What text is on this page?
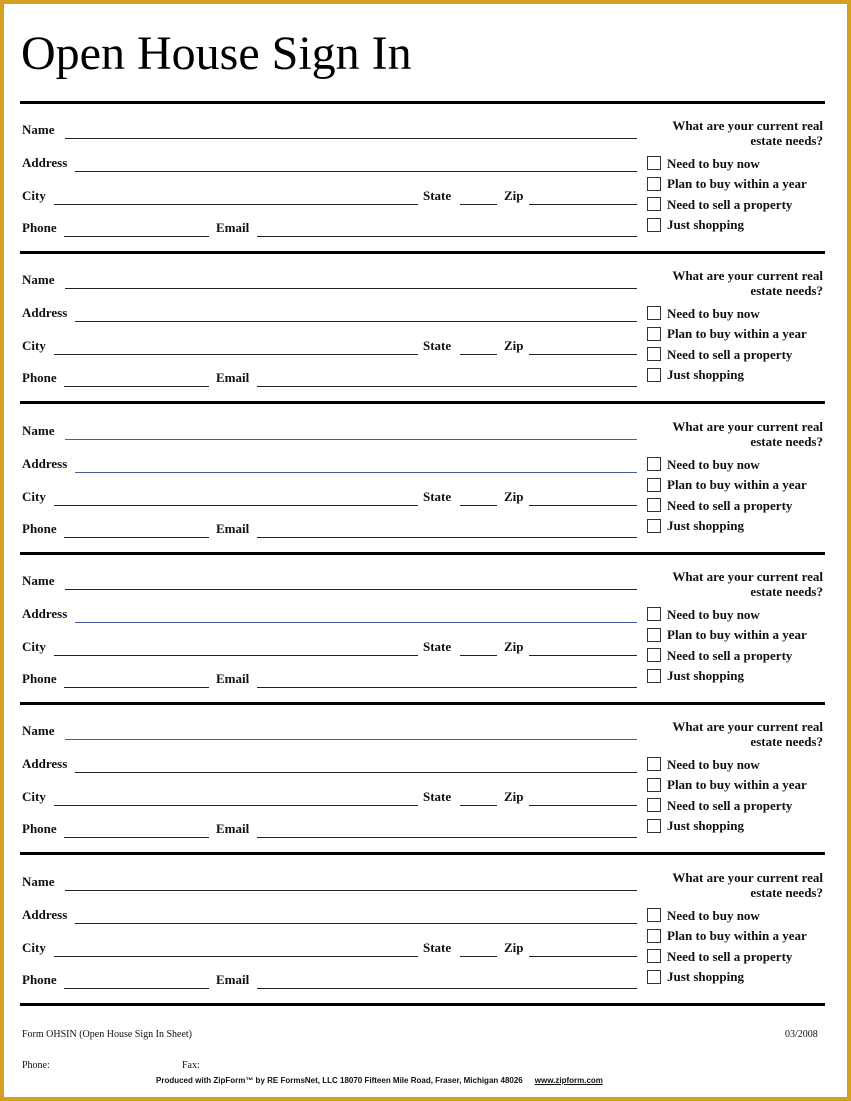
Open House Sign In
Name
Address
City	State	Zip
Phone	Email
What are your current real
estate needs?
Need to buy now
Plan to buy within a year
Need to sell a property
Just shopping
Name
Address
City	State	Zip
Phone	Email
What are your current real
estate needs?
Need to buy now
Plan to buy within a year
Need to sell a property
Just shopping
Name
Address
City	State	Zip
Phone	Email
What are your current real
estate needs?
Need to buy now
Plan to buy within a year
Need to sell a property
Just shopping
Name
Address
City	State	Zip
Phone	Email
What are your current real
estate needs?
Need to buy now
Plan to buy within a year
Need to sell a property
Just shopping
Name
Address
City	State	Zip
Phone	Email
What are your current real
estate needs?
Need to buy now
Plan to buy within a year
Need to sell a property
Just shopping
Name
Address
City	State	Zip
Phone	Email
What are your current real
estate needs?
Need to buy now
Plan to buy within a year
Need to sell a property
Just shopping
Form OHSIN (Open House Sign In Sheet)	03/2008
Phone:	Fax:
Produced with ZipForm™ by RE FormsNet, LLC 18070 Fifteen Mile Road, Fraser, Michigan 48026 www.zipform.com
